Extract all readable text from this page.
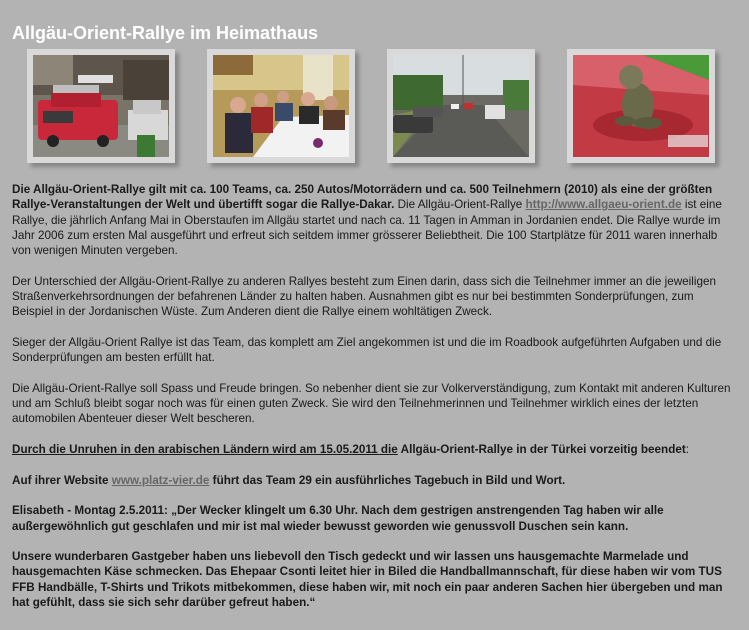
Allgäu-Orient-Rallye im Heimathaus

Die Allgäu-Orient-Rallye gilt mit ca. 100 Teams, ca. 250 Autos/Motorrädern und ca. 500 Teilnehmern (2010) als eine der größten Rallye-Veranstaltungen der Welt und übertifft sogar die Rallye-Dakar. Die Allgäu-Orient-Rallye http://www.allgaeu-orient.de ist eine Rallye, die jährlich Anfang Mai in Oberstaufen im Allgäu startet und nach ca. 11 Tagen in Amman in Jordanien endet. Die Rallye wurde im Jahr 2006 zum ersten Mal ausgeführt und erfreut sich seitdem immer grösserer Beliebtheit. Die 100 Startplätze für 2011 waren innerhalb von wenigen Minuten vergeben.

Der Unterschied der Allgäu-Orient-Rallye zu anderen Rallyes besteht zum Einen darin, dass sich die Teilnehmer immer an die jeweiligen Straßenverkehrsordnungen der befahrenen Länder zu halten haben. Ausnahmen gibt es nur bei bestimmten Sonderprüfungen, zum Beispiel in der Jordanischen Wüste. Zum Anderen dient die Rallye einem wohltätigen Zweck.

Sieger der Allgäu-Orient Rallye ist das Team, das komplett am Ziel angekommen ist und die im Roadbook aufgeführten Aufgaben und die Sonderprüfungen am besten erfüllt hat.

Die Allgäu-Orient-Rallye soll Spass und Freude bringen. So nebenher dient sie zur Volkerverständigung, zum Kontakt mit anderen Kulturen und am Schluß bleibt sogar noch was für einen guten Zweck. Sie wird den Teilnehmerinnen und Teilnehmer wirklich eines der letzten automobilen Abenteuer dieser Welt bescheren.

Durch die Unruhen in den arabischen Ländern wird am 15.05.2011 die Allgäu-Orient-Rallye in der Türkei vorzeitig beendet:

Auf ihrer Website www.platz-vier.de führt das Team 29 ein ausführliches Tagebuch in Bild und Wort.

Elisabeth - Montag 2.5.2011: „Der Wecker klingelt um 6.30 Uhr. Nach dem gestrigen anstrengenden Tag haben wir alle außergewöhnlich gut geschlafen und mir ist mal wieder bewusst geworden wie genussvoll Duschen sein kann.

Unsere wunderbaren Gastgeber haben uns liebevoll den Tisch gedeckt und wir lassen uns hausgemachte Marmelade und hausgemachten Käse schmecken. Das Ehepaar Csonti leitet hier in Biled die Handballmannschaft, für diese haben wir vom TUS FFB Handbälle, T-Shirts und Trikots mitbekommen, diese haben wir, mit noch ein paar anderen Sachen hier übergeben und man hat gefühlt, dass sie sich sehr darüber gefreut haben.“
